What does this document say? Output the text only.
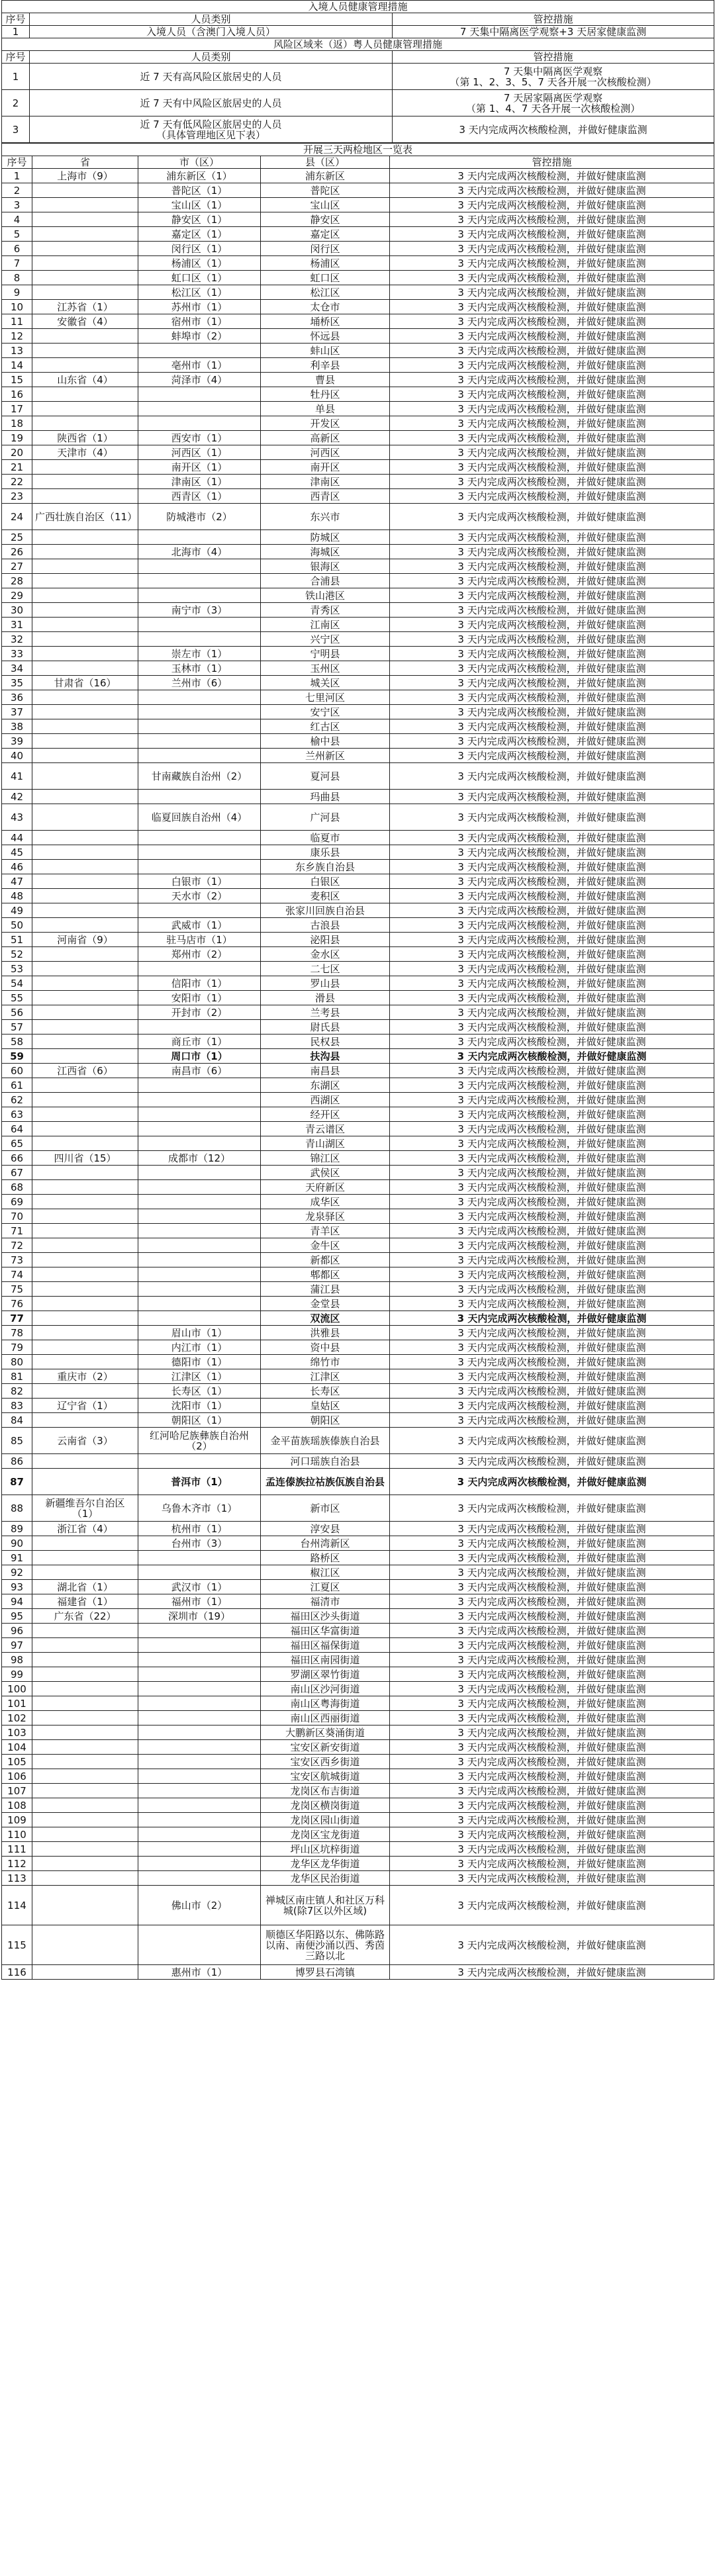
入境人员健康管理措施		
序号	人员类别	管控措施
1	入境人员（含澳门入境人员）	7 天集中隔离医学观察+3 天居家健康监测
风险区域来（返）粤人员健康管理措施		
序号	人员类别	管控措施
1	近 7 天有高风险区旅居史的人员	7 天集中隔离医学观察
（第 1、2、3、5、7 天各开展一次核酸检测）

2	近 7 天有中风险区旅居史的人员	7 天居家隔离医学观察
（第 1、4、7 天各开展一次核酸检测）

3	近 7 天有低风险区旅居史的人员
（具体管理地区见下表）	3 天内完成两次核酸检测，并做好健康监测
开展三天两检地区一览表				
序号	省	市（区）	县（区）	管控措施
1	上海市（9）	浦东新区（1）	浦东新区	3 天内完成两次核酸检测，并做好健康监测
2		普陀区（1）	普陀区	3 天内完成两次核酸检测，并做好健康监测
3		宝山区（1）	宝山区	3 天内完成两次核酸检测，并做好健康监测
4		静安区（1）	静安区	3 天内完成两次核酸检测，并做好健康监测
5		嘉定区（1）	嘉定区	3 天内完成两次核酸检测，并做好健康监测
6		闵行区（1）	闵行区	3 天内完成两次核酸检测，并做好健康监测
7		杨浦区（1）	杨浦区	3 天内完成两次核酸检测，并做好健康监测
8		虹口区（1）	虹口区	3 天内完成两次核酸检测，并做好健康监测
9		松江区（1）	松江区	3 天内完成两次核酸检测，并做好健康监测
10	江苏省（1）	苏州市（1）	太仓市	3 天内完成两次核酸检测，并做好健康监测
11	安徽省（4）	宿州市（1）	埇桥区	3 天内完成两次核酸检测，并做好健康监测
12		蚌埠市（2）	怀远县	3 天内完成两次核酸检测，并做好健康监测
13			蚌山区	3 天内完成两次核酸检测，并做好健康监测
14		亳州市（1）	利辛县	3 天内完成两次核酸检测，并做好健康监测
15	山东省（4）	菏泽市（4）	曹县	3 天内完成两次核酸检测，并做好健康监测
16			牡丹区	3 天内完成两次核酸检测，并做好健康监测
17			单县	3 天内完成两次核酸检测，并做好健康监测
18			开发区	3 天内完成两次核酸检测，并做好健康监测
19	陕西省（1）	西安市（1）	高新区	3 天内完成两次核酸检测，并做好健康监测
20	天津市（4）	河西区（1）	河西区	3 天内完成两次核酸检测，并做好健康监测
21		南开区（1）	南开区	3 天内完成两次核酸检测，并做好健康监测
22		津南区（1）	津南区	3 天内完成两次核酸检测，并做好健康监测
23		西青区（1）	西青区	3 天内完成两次核酸检测，并做好健康监测
24	广西壮族自治区（11）	防城港市（2）	东兴市	3 天内完成两次核酸检测，并做好健康监测
25			防城区	3 天内完成两次核酸检测，并做好健康监测
26		北海市（4）	海城区	3 天内完成两次核酸检测，并做好健康监测
27			银海区	3 天内完成两次核酸检测，并做好健康监测
28			合浦县	3 天内完成两次核酸检测，并做好健康监测
29			铁山港区	3 天内完成两次核酸检测，并做好健康监测
30		南宁市（3）	青秀区	3 天内完成两次核酸检测，并做好健康监测
31			江南区	3 天内完成两次核酸检测，并做好健康监测
32			兴宁区	3 天内完成两次核酸检测，并做好健康监测
33		崇左市（1）	宁明县	3 天内完成两次核酸检测，并做好健康监测
34		玉林市（1）	玉州区	3 天内完成两次核酸检测，并做好健康监测
35	甘肃省（16）	兰州市（6）	城关区	3 天内完成两次核酸检测，并做好健康监测
36			七里河区	3 天内完成两次核酸检测，并做好健康监测
37			安宁区	3 天内完成两次核酸检测，并做好健康监测
38			红古区	3 天内完成两次核酸检测，并做好健康监测
39			榆中县	3 天内完成两次核酸检测，并做好健康监测
40			兰州新区	3 天内完成两次核酸检测，并做好健康监测
41		甘南藏族自治州（2）	夏河县	3 天内完成两次核酸检测，并做好健康监测
42			玛曲县	3 天内完成两次核酸检测，并做好健康监测
43		临夏回族自治州（4）	广河县	3 天内完成两次核酸检测，并做好健康监测
44			临夏市	3 天内完成两次核酸检测，并做好健康监测
45			康乐县	3 天内完成两次核酸检测，并做好健康监测
46			东乡族自治县	3 天内完成两次核酸检测，并做好健康监测
47		白银市（1）	白银区	3 天内完成两次核酸检测，并做好健康监测
48		天水市（2）	麦积区	3 天内完成两次核酸检测，并做好健康监测
49			张家川回族自治县	3 天内完成两次核酸检测，并做好健康监测
50		武威市（1）	古浪县	3 天内完成两次核酸检测，并做好健康监测
51	河南省（9）	驻马店市（1）	泌阳县	3 天内完成两次核酸检测，并做好健康监测
52		郑州市（2）	金水区	3 天内完成两次核酸检测，并做好健康监测
53			二七区	3 天内完成两次核酸检测，并做好健康监测
54		信阳市（1）	罗山县	3 天内完成两次核酸检测，并做好健康监测
55		安阳市（1）	滑县	3 天内完成两次核酸检测，并做好健康监测
56		开封市（2）	兰考县	3 天内完成两次核酸检测，并做好健康监测
57			尉氏县	3 天内完成两次核酸检测，并做好健康监测
58		商丘市（1）	民权县	3 天内完成两次核酸检测，并做好健康监测
59		周口市（1）	扶沟县	3 天内完成两次核酸检测，并做好健康监测
60	江西省（6）	南昌市（6）	南昌县	3 天内完成两次核酸检测，并做好健康监测
61			东湖区	3 天内完成两次核酸检测，并做好健康监测
62			西湖区	3 天内完成两次核酸检测，并做好健康监测
63			经开区	3 天内完成两次核酸检测，并做好健康监测
64			青云谱区	3 天内完成两次核酸检测，并做好健康监测
65			青山湖区	3 天内完成两次核酸检测，并做好健康监测
66	四川省（15）	成都市（12）	锦江区	3 天内完成两次核酸检测，并做好健康监测
67			武侯区	3 天内完成两次核酸检测，并做好健康监测
68			天府新区	3 天内完成两次核酸检测，并做好健康监测
69			成华区	3 天内完成两次核酸检测，并做好健康监测
70			龙泉驿区	3 天内完成两次核酸检测，并做好健康监测
71			青羊区	3 天内完成两次核酸检测，并做好健康监测
72			金牛区	3 天内完成两次核酸检测，并做好健康监测
73			新都区	3 天内完成两次核酸检测，并做好健康监测
74			郫都区	3 天内完成两次核酸检测，并做好健康监测
75			蒲江县	3 天内完成两次核酸检测，并做好健康监测
76			金堂县	3 天内完成两次核酸检测，并做好健康监测
77			双流区	3 天内完成两次核酸检测，并做好健康监测
78		眉山市（1）	洪雅县	3 天内完成两次核酸检测，并做好健康监测
79		内江市（1）	资中县	3 天内完成两次核酸检测，并做好健康监测
80		德阳市（1）	绵竹市	3 天内完成两次核酸检测，并做好健康监测
81	重庆市（2）	江津区（1）	江津区	3 天内完成两次核酸检测，并做好健康监测
82		长寿区（1）	长寿区	3 天内完成两次核酸检测，并做好健康监测
83	辽宁省（1）	沈阳市（1）	皇姑区	3 天内完成两次核酸检测，并做好健康监测
84		朝阳区（1）	朝阳区	3 天内完成两次核酸检测，并做好健康监测
85	云南省（3）	红河哈尼族彝族自治州（2）	金平苗族瑶族傣族自治县	3 天内完成两次核酸检测，并做好健康监测
86			河口瑶族自治县	3 天内完成两次核酸检测，并做好健康监测
87		普洱市（1）	孟连傣族拉祜族佤族自治县	3 天内完成两次核酸检测，并做好健康监测
88	新疆维吾尔自治区（1）	乌鲁木齐市（1）	新市区	3 天内完成两次核酸检测，并做好健康监测
89	浙江省（4）	杭州市（1）	淳安县	3 天内完成两次核酸检测，并做好健康监测
90		台州市（3）	台州湾新区	3 天内完成两次核酸检测，并做好健康监测
91			路桥区	3 天内完成两次核酸检测，并做好健康监测
92			椒江区	3 天内完成两次核酸检测，并做好健康监测
93	湖北省（1）	武汉市（1）	江夏区	3 天内完成两次核酸检测，并做好健康监测
94	福建省（1）	福州市（1）	福清市	3 天内完成两次核酸检测，并做好健康监测
95	广东省（22）	深圳市（19）	福田区沙头街道	3 天内完成两次核酸检测，并做好健康监测
96			福田区华富街道	3 天内完成两次核酸检测，并做好健康监测
97			福田区福保街道	3 天内完成两次核酸检测，并做好健康监测
98			福田区南园街道	3 天内完成两次核酸检测，并做好健康监测
99			罗湖区翠竹街道	3 天内完成两次核酸检测，并做好健康监测
100			南山区沙河街道	3 天内完成两次核酸检测，并做好健康监测
101			南山区粤海街道	3 天内完成两次核酸检测，并做好健康监测
102			南山区西丽街道	3 天内完成两次核酸检测，并做好健康监测
103			大鹏新区葵涌街道	3 天内完成两次核酸检测，并做好健康监测
104			宝安区新安街道	3 天内完成两次核酸检测，并做好健康监测
105			宝安区西乡街道	3 天内完成两次核酸检测，并做好健康监测
106			宝安区航城街道	3 天内完成两次核酸检测，并做好健康监测
107			龙岗区布吉街道	3 天内完成两次核酸检测，并做好健康监测
108			龙岗区横岗街道	3 天内完成两次核酸检测，并做好健康监测
109			龙岗区园山街道	3 天内完成两次核酸检测，并做好健康监测
110			龙岗区宝龙街道	3 天内完成两次核酸检测，并做好健康监测
111			坪山区坑梓街道	3 天内完成两次核酸检测，并做好健康监测
112			龙华区龙华街道	3 天内完成两次核酸检测，并做好健康监测
113			龙华区民治街道	3 天内完成两次核酸检测，并做好健康监测
114		佛山市（2）	禅城区南庄镇人和社区万科城(除7区以外区域)	3 天内完成两次核酸检测，并做好健康监测
115			顺德区华阳路以东、佛陈路以南、南便沙涌以西、秀茵三路以北	3 天内完成两次核酸检测，并做好健康监测
116		惠州市（1）	博罗县石湾镇	3 天内完成两次核酸检测，并做好健康监测
